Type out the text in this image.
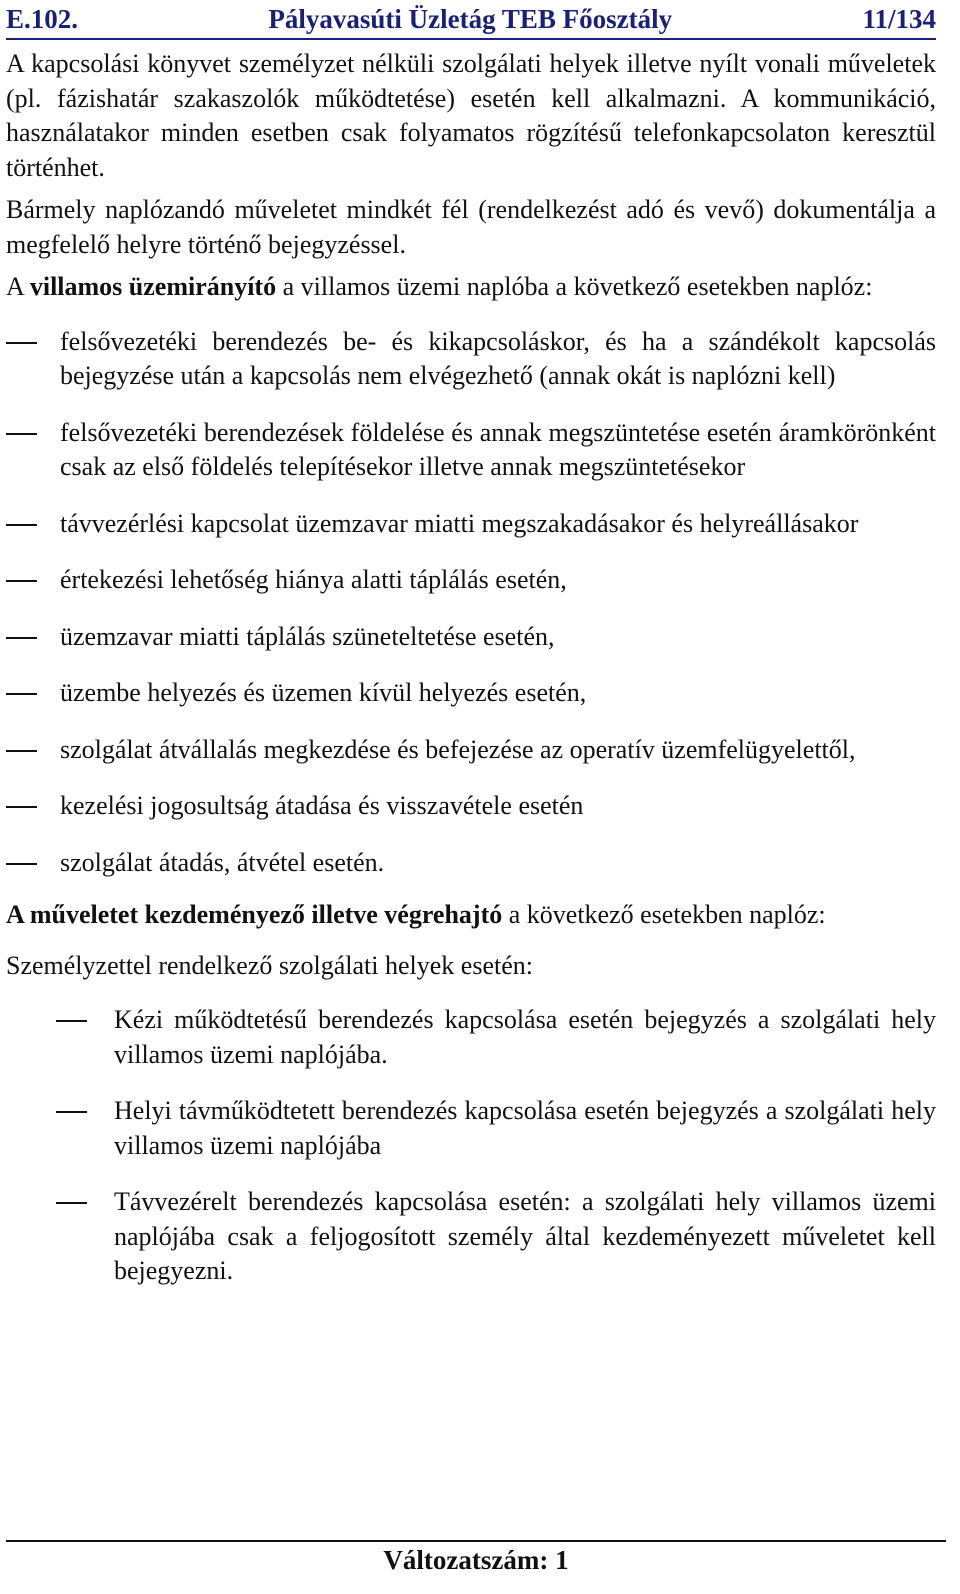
E.102.	Pályavasúti Üzletág TEB Főosztály	11/134

A kapcsolási könyvet személyzet nélküli szolgálati helyek illetve nyílt vonali műveletek (pl. fázishatár szakaszolók működtetése) esetén kell alkalmazni. A kommunikáció, használatakor minden esetben csak folyamatos rögzítésű telefonkapcsolaton keresztül történhet.

Bármely naplózandó műveletet mindkét fél (rendelkezést adó és vevő) dokumentálja a megfelelő helyre történő bejegyzéssel.

A villamos üzemirányító a villamos üzemi naplóba a következő esetekben naplóz:

felsővezetéki berendezés be- és kikapcsoláskor, és ha a szándékolt kapcsolás bejegyzése után a kapcsolás nem elvégezhető (annak okát is naplózni kell)
felsővezetéki berendezések földelése és annak megszüntetése esetén áramkörönként csak az első földelés telepítésekor illetve annak megszüntetésekor
távvezérlési kapcsolat üzemzavar miatti megszakadásakor és helyreállásakor
értekezési lehetőség hiánya alatti táplálás esetén,
üzemzavar miatti táplálás szüneteltetése esetén,
üzembe helyezés és üzemen kívül helyezés esetén,
szolgálat átvállalás megkezdése és befejezése az operatív üzemfelügyelettől,
kezelési jogosultság átadása és visszavétele esetén
szolgálat átadás, átvétel esetén.

A műveletet kezdeményező illetve végrehajtó a következő esetekben naplóz:

Személyzettel rendelkező szolgálati helyek esetén:

Kézi működtetésű berendezés kapcsolása esetén bejegyzés a szolgálati hely villamos üzemi naplójába.
Helyi távműködtetett berendezés kapcsolása esetén bejegyzés a szolgálati hely villamos üzemi naplójába
Távvezérelt berendezés kapcsolása esetén: a szolgálati hely villamos üzemi naplójába csak a feljogosított személy által kezdeményezett műveletet kell bejegyezni.
Változatszám: 1
